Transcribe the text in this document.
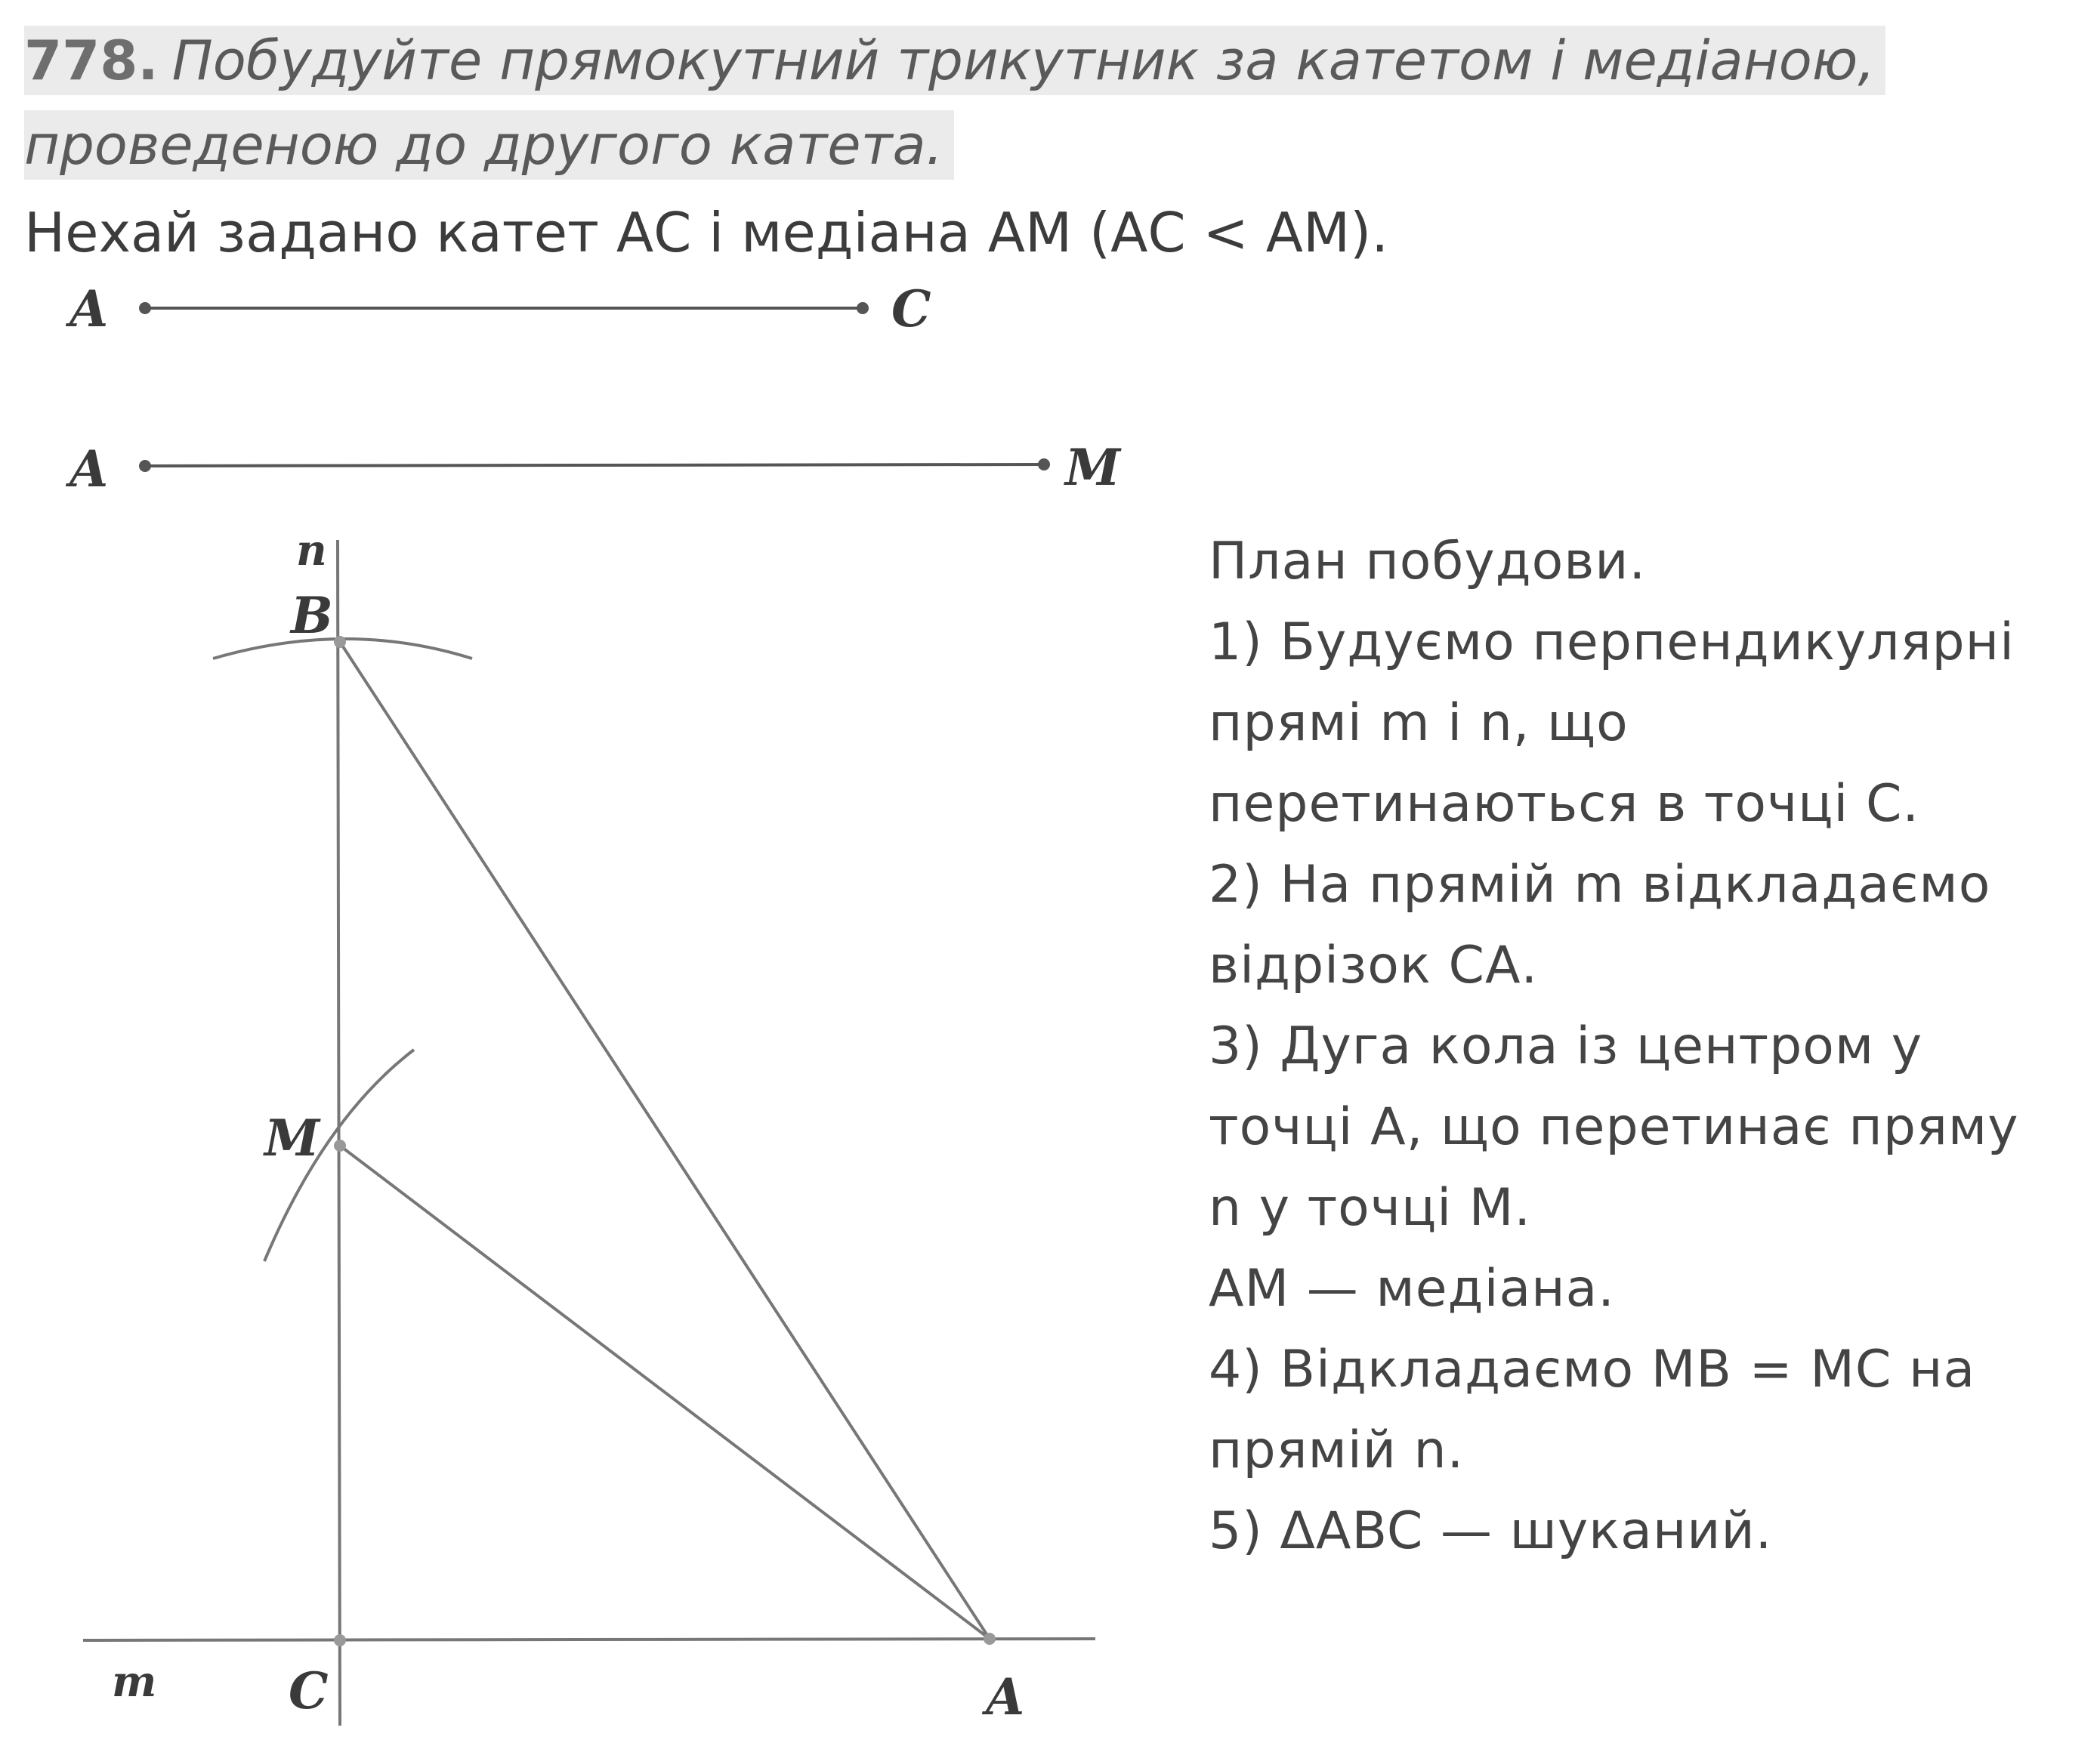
778. Побудуйте прямокутний трикутник за катетом і медіаною,
проведеною до другого катета.
Нехай задано катет АС і медіана АМ (АС < АМ).
A	C
A	M
n
B
M
m	C	A
План побудови.
1) Будуємо перпендикулярні
прямі m i n, що
перетинаються в точці С.
2) На прямій m відкладаємо
відрізок СА.
3) Дуга кола із центром у
точці А, що перетинає пряму
n у точці М.
AM — медіана.
4) Відкладаємо MB = MC на
прямій n.
5) ΔABC — шуканий.
